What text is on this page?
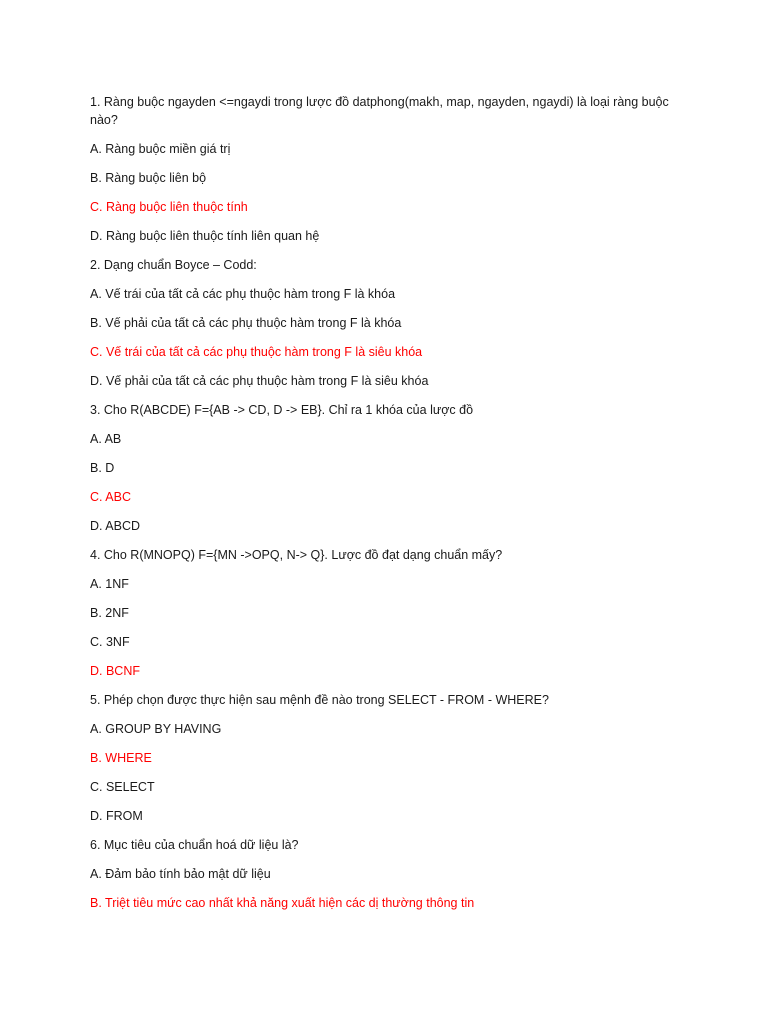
1. Ràng buộc ngayden <=ngaydi trong lược đồ datphong(makh, map, ngayden, ngaydi) là loại ràng buộc nào?
A. Ràng buộc miền giá trị
B. Ràng buộc liên bộ
C. Ràng buộc liên thuộc tính
D. Ràng buộc liên thuộc tính liên quan hệ
2. Dạng chuẩn Boyce – Codd:
A. Vế trái của tất cả các phụ thuộc hàm trong F là khóa
B. Vế phải của tất cả các phụ thuộc hàm trong F là khóa
C. Vế trái của tất cả các phụ thuộc hàm trong F là siêu khóa
D. Vế phải của tất cả các phụ thuộc hàm trong F là siêu khóa
3. Cho R(ABCDE) F={AB -> CD, D -> EB}. Chỉ ra 1 khóa của lược đồ
A. AB
B. D
C. ABC
D. ABCD
4. Cho R(MNOPQ) F={MN ->OPQ, N-> Q}. Lược đồ đạt dạng chuẩn mấy?
A. 1NF
B. 2NF
C. 3NF
D. BCNF
5. Phép chọn được thực hiện sau mệnh đề nào trong SELECT - FROM - WHERE?
A. GROUP BY HAVING
B. WHERE
C. SELECT
D. FROM
6. Mục tiêu của chuẩn hoá dữ liệu là?
A. Đảm bảo tính bảo mật dữ liệu
B. Triệt tiêu mức cao nhất khả năng xuất hiện các dị thường thông tin
